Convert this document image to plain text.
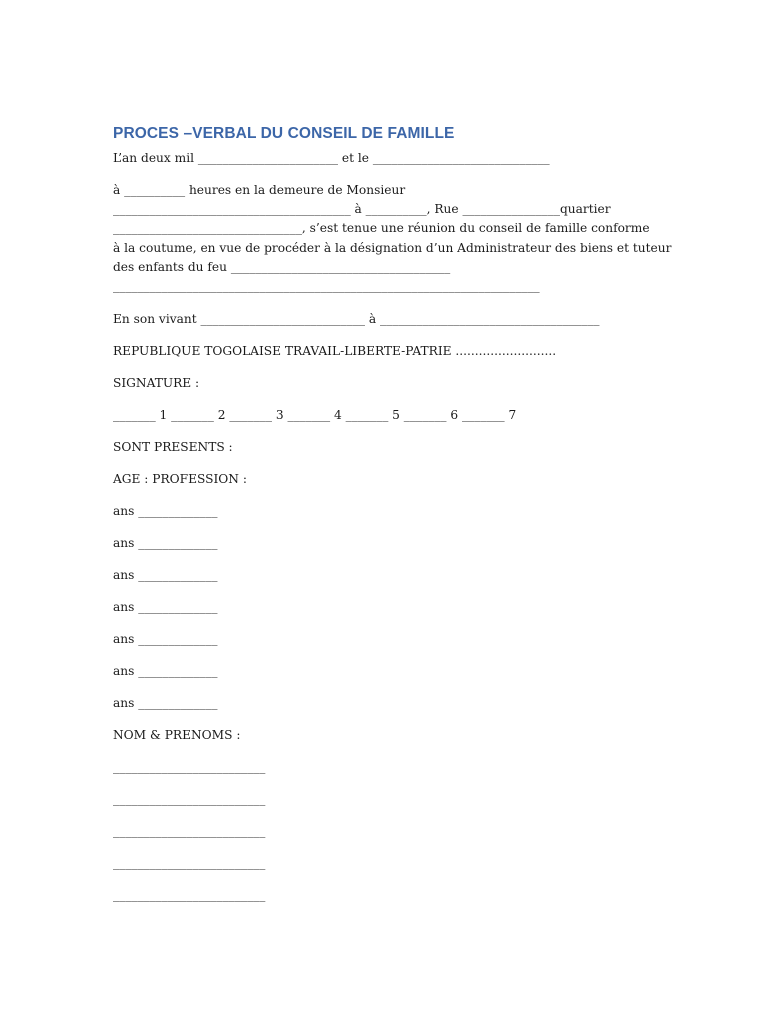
PROCES –VERBAL DU CONSEIL DE FAMILLE

L’an deux mil _______________________ et le _____________________________

à __________ heures en la demeure de Monsieur

_______________________________________ à __________, Rue ________________quartier

_______________________________, s’est tenue une réunion du conseil de famille conforme

à la coutume, en vue de procéder à la désignation d’un Administrateur des biens et tuteur

des enfants du feu ____________________________________

______________________________________________________________________

En son vivant ___________________________ à ____________________________________

REPUBLIQUE TOGOLAISE TRAVAIL-LIBERTE-PATRIE ..........................

SIGNATURE :

_______ 1 _______ 2 _______ 3 _______ 4 _______ 5 _______ 6 _______ 7

SONT PRESENTS :

AGE : PROFESSION :

ans _____________

ans _____________

ans _____________

ans _____________

ans _____________

ans _____________

ans _____________

NOM & PRENOMS :

_________________________

_________________________

_________________________

_________________________

_________________________
